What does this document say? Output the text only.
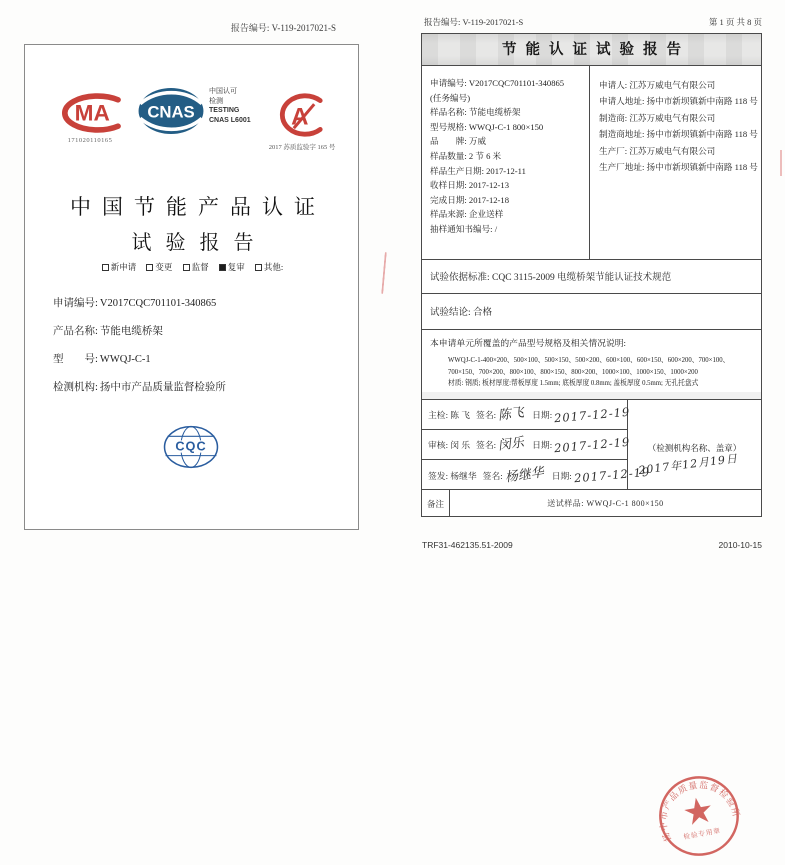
报告编号: V-119-2017021-S
MA
171020110165
CNAS
中国认可
检测
TESTING
CNAS L6001 A
2017 苏质监验字 165 号
中国节能产品认证
试验报告
新申请 变更 监督 复审 其他:
申请编号: V2017CQC701101-340865
产品名称: 节能电缆桥架
型　　号: WWQJ-C-1
检测机构: 扬中市产品质量监督检验所
CQC
报告编号: V-119-2017021-S	第 1 页 共 8 页
节能认证试验报告
申请编号: V2017CQC701101-340865
(任务编号)
样品名称: 节能电缆桥架
型号规格: WWQJ-C-1 800×150
品　　牌: 万威
样品数量: 2 节 6 米
样品生产日期: 2017-12-11
收样日期: 2017-12-13
完成日期: 2017-12-18
样品来源: 企业送样
抽样通知书编号: /
申请人: 江苏万威电气有限公司
申请人地址: 扬中市新坝镇新中南路 118 号
制造商: 江苏万威电气有限公司
制造商地址: 扬中市新坝镇新中南路 118 号
生产厂: 江苏万威电气有限公司
生产厂地址: 扬中市新坝镇新中南路 118 号
试验依据标准: CQC 3115-2009 电缆桥架节能认证技术规范
试验结论: 合格
本申请单元所覆盖的产品型号规格及相关情况说明:
WWQJ-C-1-400×200、500×100、500×150、500×200、600×100、600×150、600×200、700×100、
700×150、700×200、800×100、800×150、800×200、1000×100、1000×150、1000×200
材质: 钢质; 板材厚度:帮板厚度 1.5mm; 底板厚度 0.8mm; 盖板厚度 0.5mm; 无孔托盘式
主检: 陈 飞 签名: 陈飞 日期: 2017-12-19
审核: 闵 乐 签名: 闵乐 日期: 2017-12-19
签发: 杨继华 签名: 杨继华 日期: 2017-12-19
（检测机构名称、盖章）
2017年12月19日
扬中市产品质量监督检验所
检验专用章
备注	送试样品: WWQJ-C-1 800×150
TRF31-462135.51-2009	2010-10-15
